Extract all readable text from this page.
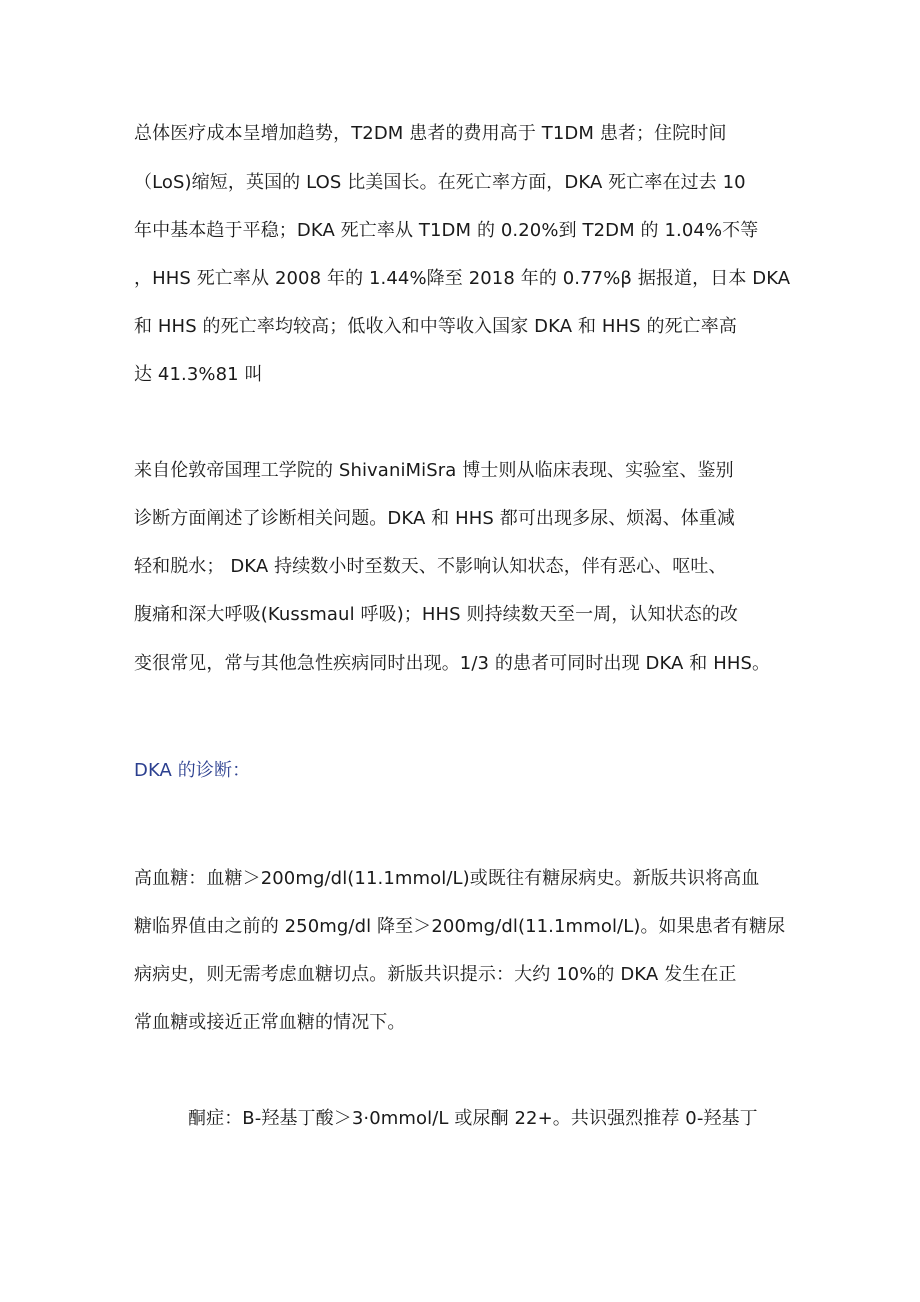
总体医疗成本呈增加趋势，T2DM 患者的费用高于 T1DM 患者；住院时间
（LoS)缩短，英国的 LOS 比美国长。在死亡率方面，DKA 死亡率在过去 10
年中基本趋于平稳；DKA 死亡率从 T1DM 的 0.20%到 T2DM 的 1.04%不等
，HHS 死亡率从 2008 年的 1.44%降至 2018 年的 0.77%β 据报道，日本 DKA
和 HHS 的死亡率均较高；低收入和中等收入国家 DKA 和 HHS 的死亡率高
达 41.3%81 叫
来自伦敦帝国理工学院的 ShivaniMiSra 博士则从临床表现、实验室、鉴别
诊断方面阐述了诊断相关问题。DKA 和 HHS 都可出现多尿、烦渴、体重减
轻和脱水； DKA 持续数小时至数天、不影响认知状态，伴有恶心、呕吐、
腹痛和深大呼吸(Kussmaul 呼吸)；HHS 则持续数天至一周，认知状态的改
变很常见，常与其他急性疾病同时出现。1/3 的患者可同时出现 DKA 和 HHS。
DKA 的诊断：
高血糖：血糖＞200mg/dl(11.1mmol/L)或既往有糖尿病史。新版共识将高血
糖临界值由之前的 250mg/dl 降至＞200mg/dl(11.1mmol/L)。如果患者有糖尿
病病史，则无需考虑血糖切点。新版共识提示：大约 10%的 DKA 发生在正
常血糖或接近正常血糖的情况下。
酮症：B-羟基丁酸＞3·0mmol/L 或尿酮 22+。共识强烈推荐 0-羟基丁
